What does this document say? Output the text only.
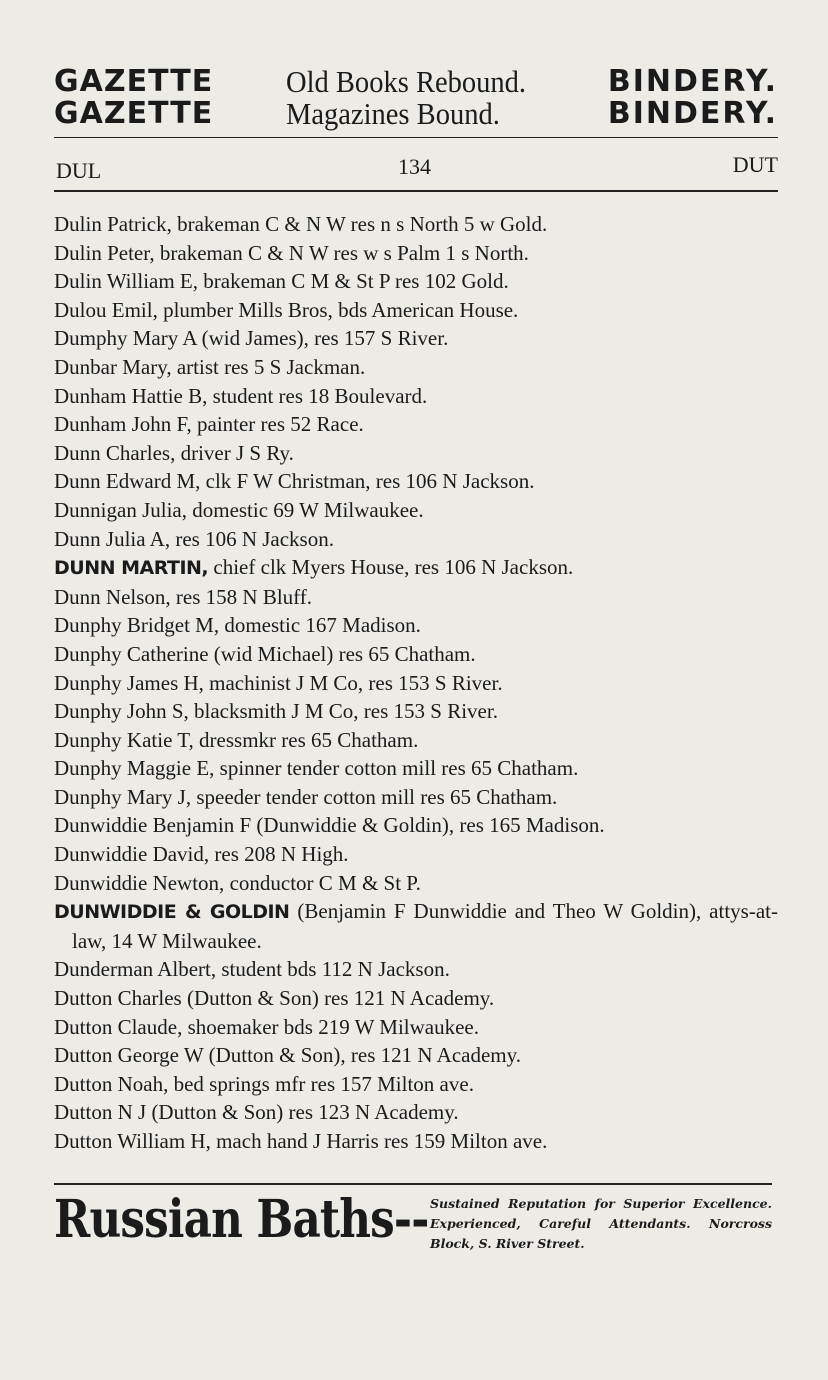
GAZETTE Old Books Rebound.	BINDERY.
GAZETTE Magazines Bound.	BINDERY.
DUL	134	DUT
Dulin Patrick, brakeman C & N W res n s North 5 w Gold.
Dulin Peter, brakeman C & N W res w s Palm 1 s North.
Dulin William E, brakeman C M & St P res 102 Gold.
Dulou Emil, plumber Mills Bros, bds American House.
Dumphy Mary A (wid James), res 157 S River.
Dunbar Mary, artist res 5 S Jackman.
Dunham Hattie B, student res 18 Boulevard.
Dunham John F, painter res 52 Race.
Dunn Charles, driver J S Ry.
Dunn Edward M, clk F W Christman, res 106 N Jackson.
Dunnigan Julia, domestic 69 W Milwaukee.
Dunn Julia A, res 106 N Jackson.
DUNN MARTIN, chief clk Myers House, res 106 N Jackson.
Dunn Nelson, res 158 N Bluff.
Dunphy Bridget M, domestic 167 Madison.
Dunphy Catherine (wid Michael) res 65 Chatham.
Dunphy James H, machinist J M Co, res 153 S River.
Dunphy John S, blacksmith J M Co, res 153 S River.
Dunphy Katie T, dressmkr res 65 Chatham.
Dunphy Maggie E, spinner tender cotton mill res 65 Chatham.
Dunphy Mary J, speeder tender cotton mill res 65 Chatham.
Dunwiddie Benjamin F (Dunwiddie & Goldin), res 165 Madison.
Dunwiddie David, res 208 N High.
Dunwiddie Newton, conductor C M & St P.
DUNWIDDIE & GOLDIN (Benjamin F Dunwiddie and Theo W Goldin), attys-at-law, 14 W Milwaukee.
Dunderman Albert, student bds 112 N Jackson.
Dutton Charles (Dutton & Son) res 121 N Academy.
Dutton Claude, shoemaker bds 219 W Milwaukee.
Dutton George W (Dutton & Son), res 121 N Academy.
Dutton Noah, bed springs mfr res 157 Milton ave.
Dutton N J (Dutton & Son) res 123 N Academy.
Dutton William H, mach hand J Harris res 159 Milton ave.
Russian Baths-- Sustained Reputation for Superior Excellence. Experienced, Careful Attendants. Norcross Block, S. River Street.
